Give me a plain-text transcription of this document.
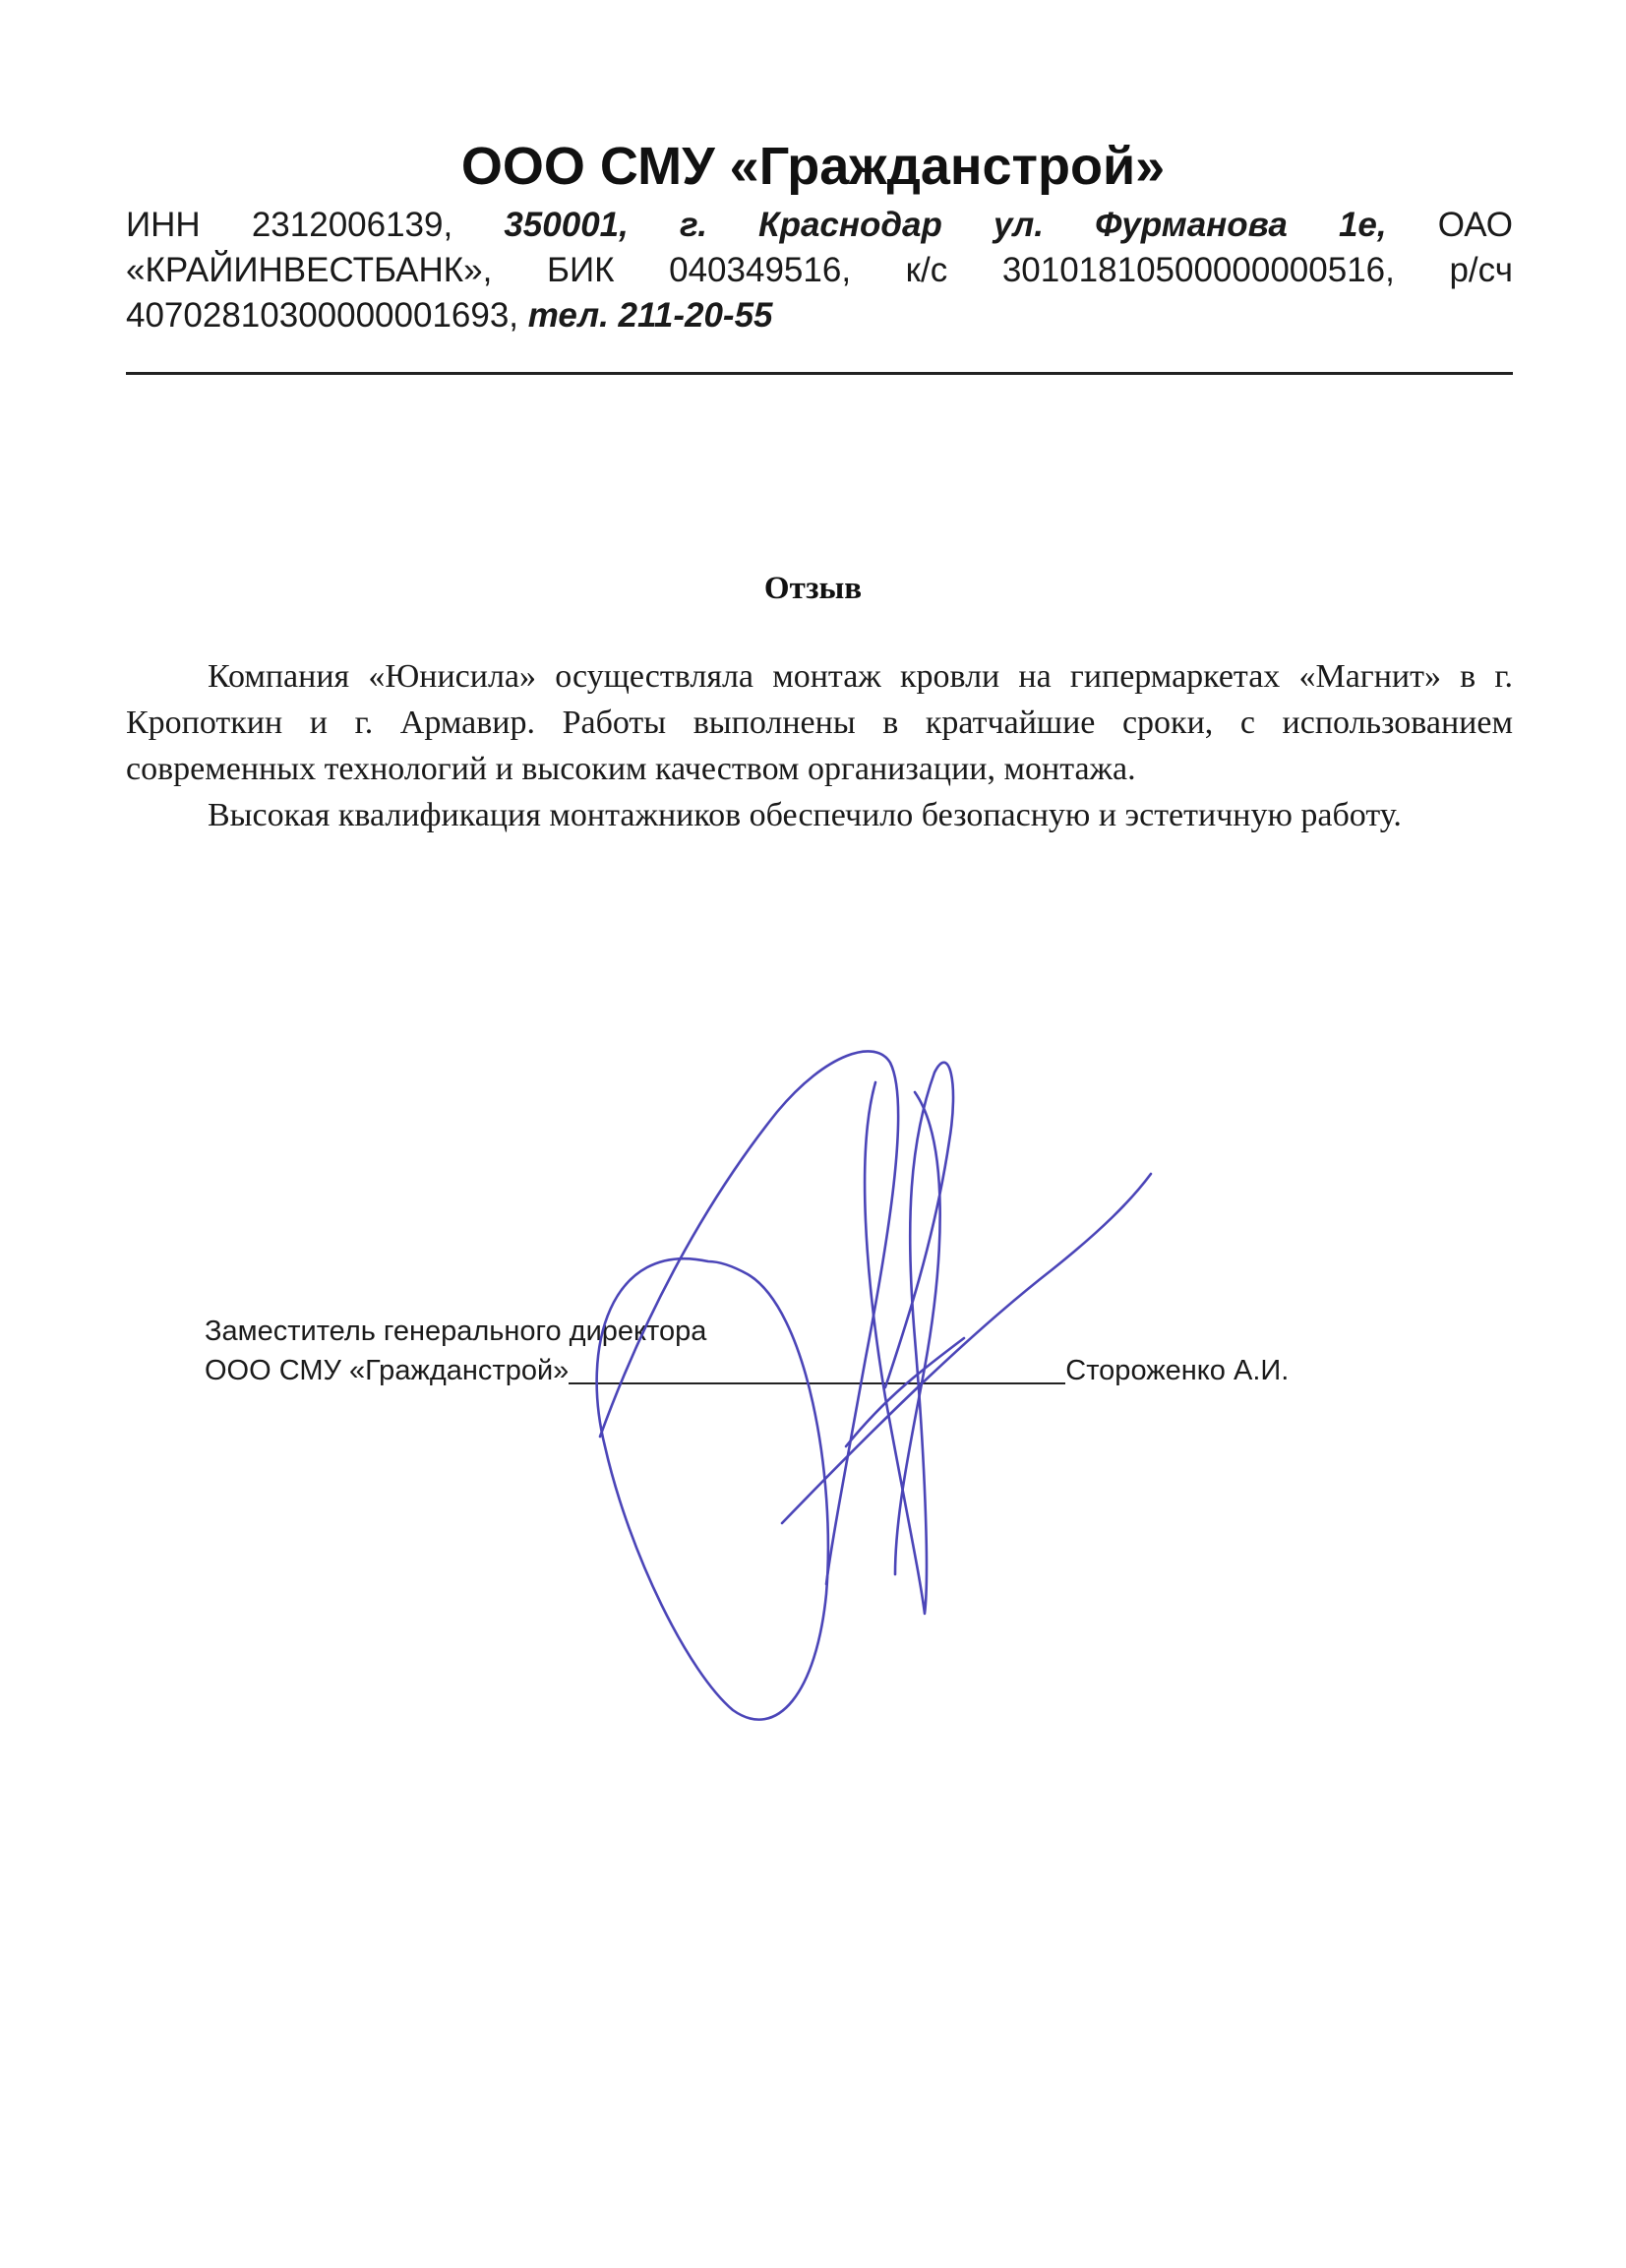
ООО СМУ «Гражданстрой»
ИНН 2312006139, 350001, г. Краснодар ул. Фурманова 1е, ОАО «КРАЙИНВЕСТБАНК», БИК 040349516, к/с 30101810500000000516, р/сч 40702810300000001693, тел. 211-20-55
Отзыв

Компания «Юнисила» осуществляла монтаж кровли на гипермаркетах «Магнит» в г. Кропоткин и г. Армавир. Работы выполнены в кратчайшие сроки, с использованием современных технологий и высоким качеством организации, монтажа.

Высокая квалификация монтажников обеспечило безопасную и эстетичную работу.

Заместитель генерального директора
ООО СМУ «Гражданстрой»	Стороженко А.И.
